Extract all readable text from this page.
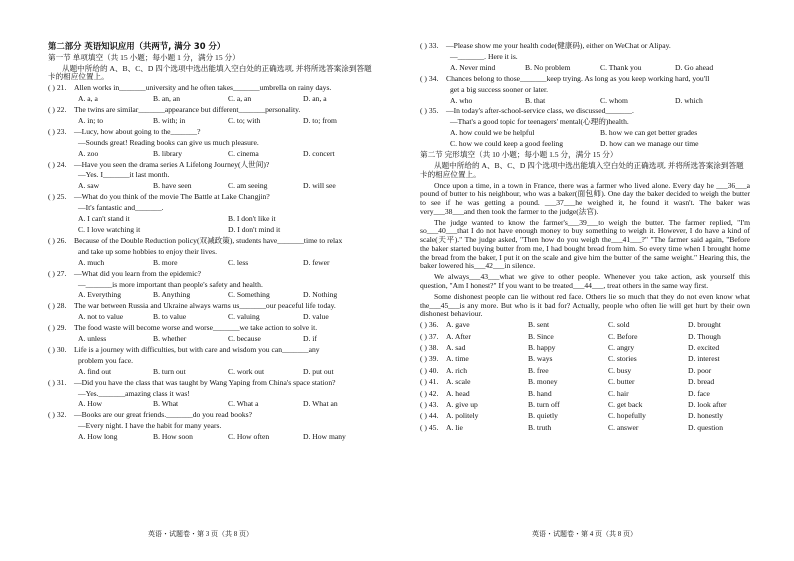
第二部分 英语知识应用（共两节, 满分 30 分）
第一节 单项填空（共 15 小题；每小题 1 分，满分 15 分）
从题中所给的 A、B、C、D 四个选项中选出能填入空白处的正确选项, 并将所选答案涂到答题卡的相应位置上。
( ) 21.	Allen works in_______university and he often takes_______umbrella on rainy days.
A. a, a	B. an, an	C. a, an	D. an, a
( ) 22.	The twins are similar_______appearance but different_______personality.
A. in; to	B. with; in	C. to; with	D. to; from
( ) 23.	—Lucy, how about going to the_______?
—Sounds great! Reading books can give us much pleasure.
A. zoo	B. library	C. cinema	D. concert
( ) 24.	—Have you seen the drama series A Lifelong Journey(人世间)?
—Yes. I_______it last month.
A. saw	B. have seen	C. am seeing	D. will see
( ) 25.	—What do you think of the movie The Battle at Lake Changjin?
—It's fantastic and_______.
A. I can't stand it	B. I don't like it
C. I love watching it	D. I don't mind it
( ) 26.	Because of the Double Reduction policy(双减政策), students have_______time to relax
and take up some hobbies to enjoy their lives.
A. much	B. more	C. less	D. fewer
( ) 27.	—What did you learn from the epidemic?
—_______is more important than people's safety and health.
A. Everything	B. Anything	C. Something	D. Nothing
( ) 28.	The war between Russia and Ukraine always warns us_______our peaceful life today.
A. not to value	B. to value	C. valuing	D. value
( ) 29.	The food waste will become worse and worse_______we take action to solve it.
A. unless	B. whether	C. because	D. if
( ) 30.	Life is a journey with difficulties, but with care and wisdom you can_______any
problem you face.
A. find out	B. turn out	C. work out	D. put out
( ) 31.	—Did you have the class that was taught by Wang Yaping from China's space station?
—Yes._______amazing class it was!
A. How	B. What	C. What a	D. What an
( ) 32.	—Books are our great friends._______do you read books?
—Every night. I have the habit for many years.
A. How long	B. How soon	C. How often	D. How many
英语・试题卷・第 3 页（共 8 页）
( ) 33.	—Please show me your health code(健康码), either on WeChat or Alipay.
—_______. Here it is.
A. Never mind	B. No problem	C. Thank you	D. Go ahead
( ) 34.	Chances belong to those_______keep trying. As long as you keep working hard, you'll
get a big success sooner or later.
A. who	B. that	C. whom	D. which
( ) 35.	—In today's after-school-service class, we discussed_______.
—That's a good topic for teenagers' mental(心理的)health.
A. how could we be helpful	B. how we can get better grades
C. how we could keep a good feeling	D. how can we manage our time
第二节 完形填空（共 10 小题；每小题 1.5 分，满分 15 分）
从题中所给的 A、B、C、D 四个选项中选出能填入空白处的正确选项, 并将所选答案涂到答题卡的相应位置上。
Once upon a time, in a town in France, there was a farmer who lived alone. Every day he ___36___a pound of butter to his neighbour, who was a baker(面包师). One day the baker decided to weigh the butter to see if he was getting a pound. ___37___he weighed it, he found it wasn't. The baker was very___38___and then took the farmer to the judge(法官).
The judge wanted to know the farmer's___39___to weigh the butter. The farmer replied, "I'm so___40___that I do not have enough money to buy something to weigh it. However, I do have a kind of scale(天平)." The judge asked, "Then how do you weigh the___41___?" "The farmer said again, "Before the baker started buying butter from me, I had bought bread from him. So every time when I brought home the bread from the baker, I put it on the scale and give him the butter of the same weight." Hearing this, the baker lowered his___42___in silence.
We always___43___what we give to other people. Whenever you take action, ask yourself this question, "Am I honest?" If you want to be treated___44___, treat others in the same way first.
Some dishonest people can lie without red face. Others lie so much that they do not even know what the___45___is any more. But who is it bad for? Actually, people who often lie will get hurt by their own dishonest behaviour.
( ) 36.	A. gave	B. sent	C. sold	D. brought
( ) 37.	A. After	B. Since	C. Before	D. Though
( ) 38.	A. sad	B. happy	C. angry	D. excited
( ) 39.	A. time	B. ways	C. stories	D. interest
( ) 40.	A. rich	B. free	C. busy	D. poor
( ) 41.	A. scale	B. money	C. butter	D. bread
( ) 42.	A. head	B. hand	C. hair	D. face
( ) 43.	A. give up	B. turn off	C. get back	D. look after
( ) 44.	A. politely	B. quietly	C. hopefully	D. honestly
( ) 45.	A. lie	B. truth	C. answer	D. question
英语・试题卷・第 4 页（共 8 页）
